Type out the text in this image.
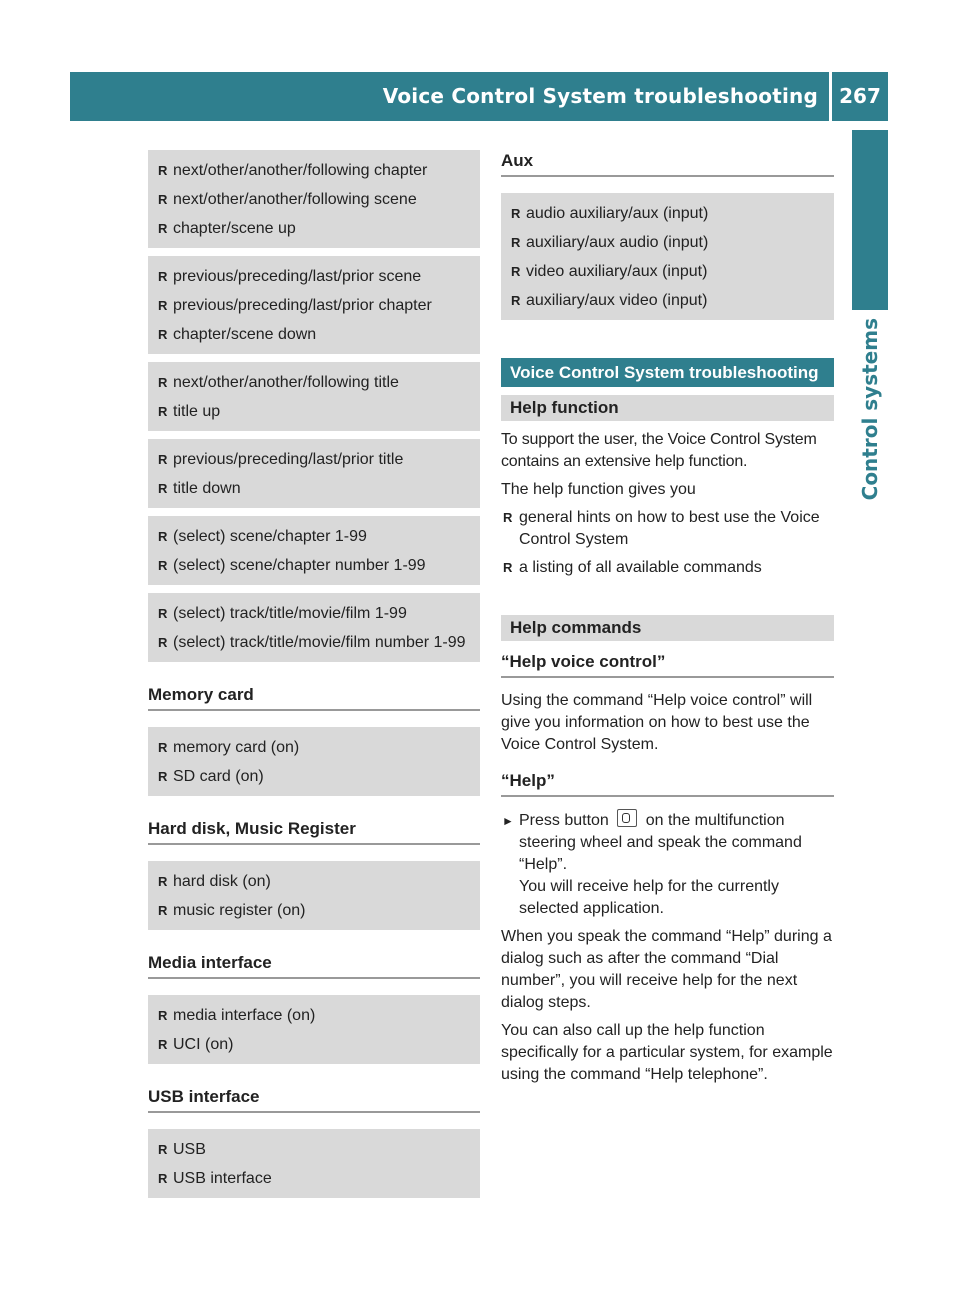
Voice Control System troubleshooting	267
Control systems
R next/other/another/following chapter
R next/other/another/following scene
R chapter/scene up
R previous/preceding/last/prior scene
R previous/preceding/last/prior chapter
R chapter/scene down
R next/other/another/following title
R title up
R previous/preceding/last/prior title
R title down
R (select) scene/chapter 1-99
R (select) scene/chapter number 1-99
R (select) track/title/movie/film 1-99
R (select) track/title/movie/film number 1-99
Memory card
R memory card (on)
R SD card (on)
Hard disk, Music Register
R hard disk (on)
R music register (on)
Media interface
R media interface (on)
R UCI (on)
USB interface
R USB
R USB interface
Aux
R audio auxiliary/aux (input)
R auxiliary/aux audio (input)
R video auxiliary/aux (input)
R auxiliary/aux video (input)
Voice Control System troubleshooting
Help function

To support the user, the Voice Control System contains an extensive help function.

The help function gives you

R general hints on how to best use the Voice Control System
R a listing of all available commands
Help commands
“Help voice control”

Using the command “Help voice control” will give you information on how to best use the Voice Control System.

“Help”
► Press button on the multifunction steering wheel and speak the command “Help”.
You will receive help for the currently selected application.

When you speak the command “Help” during a dialog such as after the command “Dial number”, you will receive help for the next dialog steps.

You can also call up the help function specifically for a particular system, for example using the command “Help telephone”.
